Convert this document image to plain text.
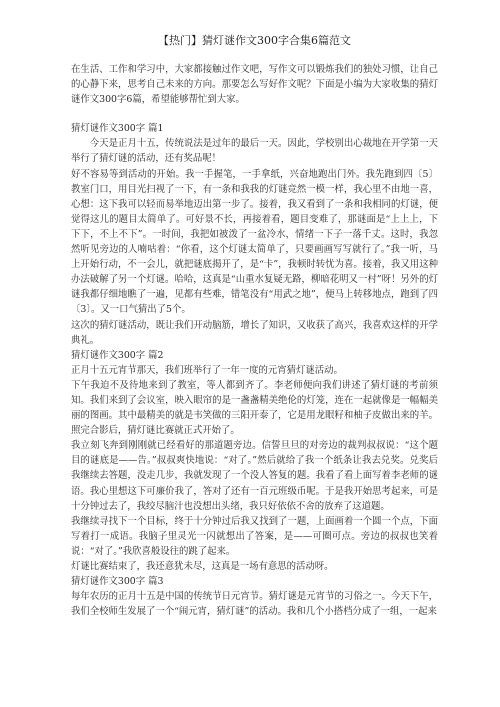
【热门】猜灯谜作文300字合集6篇范文

在生活、工作和学习中，大家都接触过作文吧，写作文可以锻炼我们的独处习惯，让自己的心静下来，思考自己未来的方向。那要怎么写好作文呢？下面是小编为大家收集的猜灯谜作文300字6篇，希望能够帮忙到大家。

猜灯谜作文300字 篇1

今天是正月十五，传统说法是过年的最后一天。因此，学校别出心裁地在开学第一天举行了猜灯谜的活动，还有奖品呢！

好不容易等到活动的开始。我一手握笔，一手拿纸，兴奋地跑出门外。我先跑到四〔5〕教室门口，用目光扫视了一下，有一条和我我的灯谜竞然一模一样，我心里不由地一喜，心想：这下我可以轻而易举地迈出第一步了。接着，我又看到了一条和我相同的灯谜，便觉得这儿的题目太简单了。可好景不长，再接着看，题目变难了，那谜面是“上上上，下下下，不上不下”。一时间，我把如被泼了一盆冷水，情绪一下子一落千丈。这时，我忽然听见旁边的人喃咕着：“你看，这个灯谜太简单了，只要画画写写就行了。”我一听，马上开始行动，不一会儿，就把谜底揭开了，是“卡”，我顿时转忧为喜。接着，我又用这种办法破解了另一个灯谜。哈哈，这真是“山重水复疑无路，柳暗花明又一村”呀！另外的灯谜我都仔细地瞧了一遍，见都有些难，错笔没有“用武之地”，便马上转移地点，跑到了四〔3〕。又一口气猜出了5个。

这次的猜灯谜活动，既让我们开动脑筋，增长了知识，又收获了高兴，我喜欢这样的开学典礼。

猜灯谜作文300字 篇2

正月十五元宵节那天，我们班举行了一年一度的元宵猜灯谜活动。

下午我迫不及待地来到了教室，等人都到齐了。李老师便向我们讲述了猜灯谜的考前须知。我们来到了会议室，映入眼帘的是一盏盏精美绝伦的灯笼，连在一起就像是一幅幅美丽的图画。其中最精美的就是韦笑做的三阳开泰了，它是用龙眼籽和柚子皮做出来的羊。照完合影后，猜灯谜比赛就正式开始了。

我立刻飞奔到刚刚就已经看好的那道题旁边。信誓旦旦的对旁边的裁判叔叔说：“这个题目的谜底是——告。”叔叔爽快地说：“对了。”然后就给了我一个纸条让我去兑奖。兑奖后我继续去答题，没走几步，我就发现了一个没人答复的题。我看了看上面写着李老师的谜语。我心里想这下可廉价我了，答对了还有一百元班级币呢。于是我开始思考起来，可是十分钟过去了，我绞尽脑汁也没想出头绪，我只好依依不舍的放弃了这道题。

我继续寻找下一个目标，终于十分钟过后我又找到了一题，上面画着一个圆一个点，下面写着打一成语。我脑子里灵光一闪就想出了答案，是——可圈可点。旁边的叔叔也笑着说：“对了。”我欣喜般设往的跳了起来。

灯谜比赛结束了，我还意犹未尽，这真是一场有意思的活动呀。

猜灯谜作文300字 篇3

每年农历的正月十五是中国的传统节日元宵节。猜灯谜是元宵节的习俗之一。今天下午，我们全校师生发展了一个“闹元宵，猜灯谜”的活动。我和几个小搭档分成了一组，一起来
